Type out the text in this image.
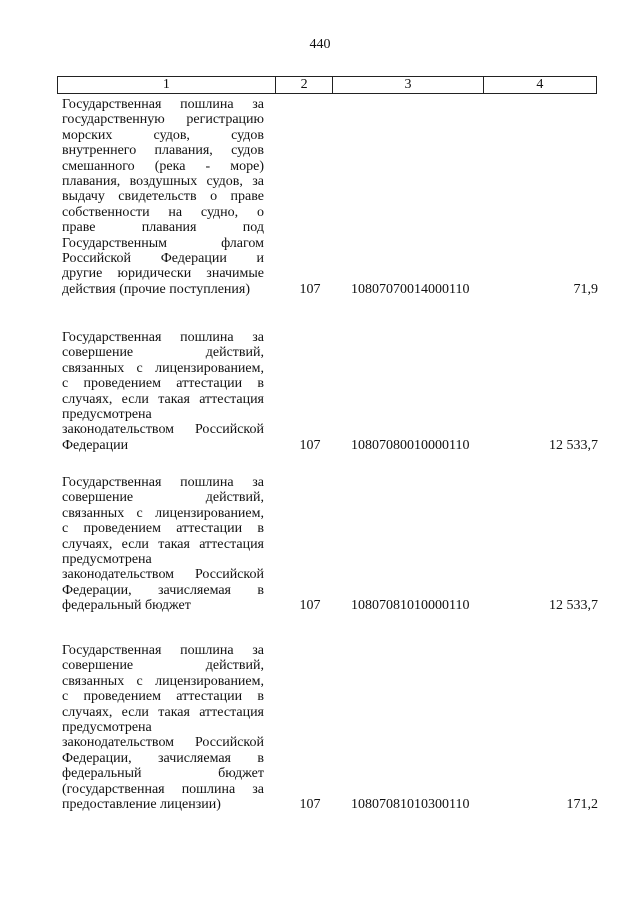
440
1	2	3	4
Государственная пошлина за
государственную регистрацию
морских судов, судов
внутреннего плавания, судов
смешанного (река - море)
плавания, воздушных судов, за
выдачу свидетельств о праве
собственности на судно, о
праве плавания под
Государственным флагом
Российской Федерации и
другие юридически значимые
действия (прочие поступления)	107	10807070014000110	71,9
Государственная пошлина за
совершение действий,
связанных с лицензированием,
с проведением аттестации в
случаях, если такая аттестация
предусмотрена
законодательством Российской
Федерации	107	10807080010000110	12 533,7
Государственная пошлина за
совершение действий,
связанных с лицензированием,
с проведением аттестации в
случаях, если такая аттестация
предусмотрена
законодательством Российской
Федерации, зачисляемая в
федеральный бюджет	107	10807081010000110	12 533,7
Государственная пошлина за
совершение действий,
связанных с лицензированием,
с проведением аттестации в
случаях, если такая аттестация
предусмотрена
законодательством Российской
Федерации, зачисляемая в
федеральный бюджет
(государственная пошлина за
предоставление лицензии)	107	10807081010300110	171,2
